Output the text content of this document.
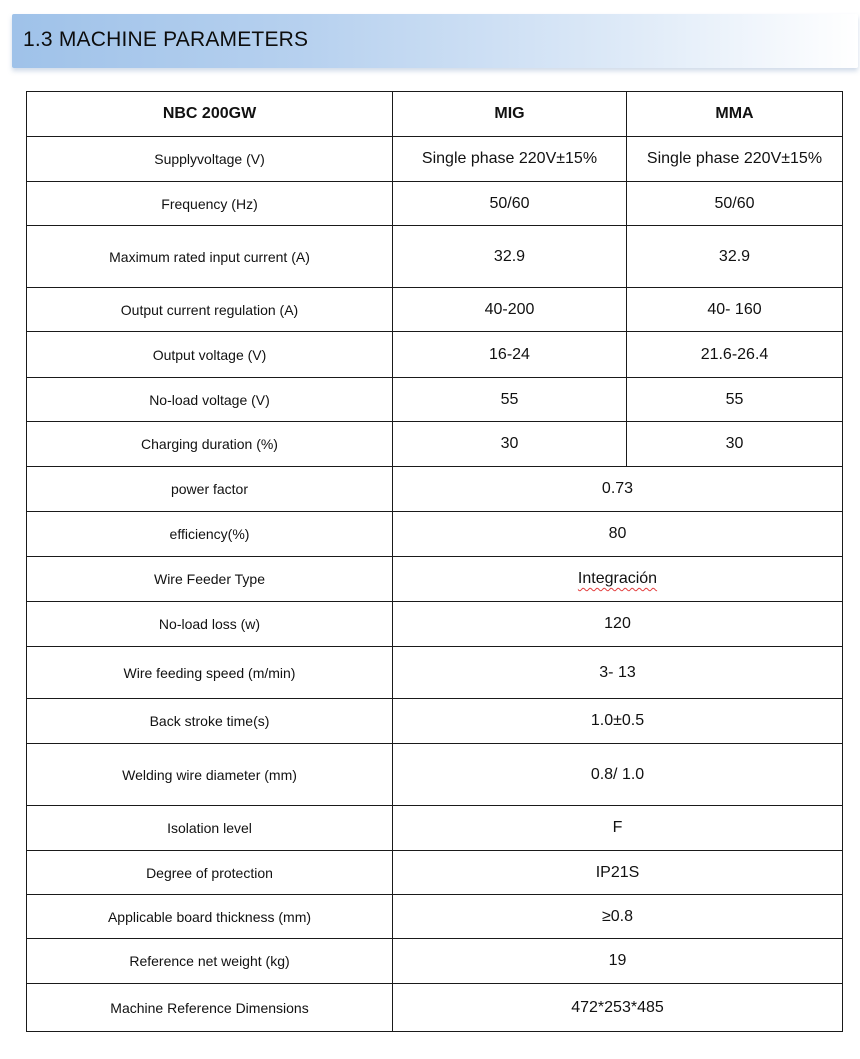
1.3 MACHINE PARAMETERS
NBC 200GW	MIG	MMA
Supplyvoltage (V)	Single phase 220V±15%	Single phase 220V±15%
Frequency (Hz)	50/60	50/60
Maximum rated input current (A)	32.9	32.9
Output current regulation (A)	40-200	40- 160
Output voltage (V)	16-24	21.6-26.4
No-load voltage (V)	55	55
Charging duration (%)	30	30
power factor	0.73	
efficiency(%)	80	
Wire Feeder Type	Integración	
No-load loss (w)	120	
Wire feeding speed (m/min)	3- 13	
Back stroke time(s)	1.0±0.5	
Welding wire diameter (mm)	0.8/ 1.0	
Isolation level	F	
Degree of protection	IP21S	
Applicable board thickness (mm)	≥0.8	
Reference net weight (kg)	19	
Machine Reference Dimensions	472*253*485	
